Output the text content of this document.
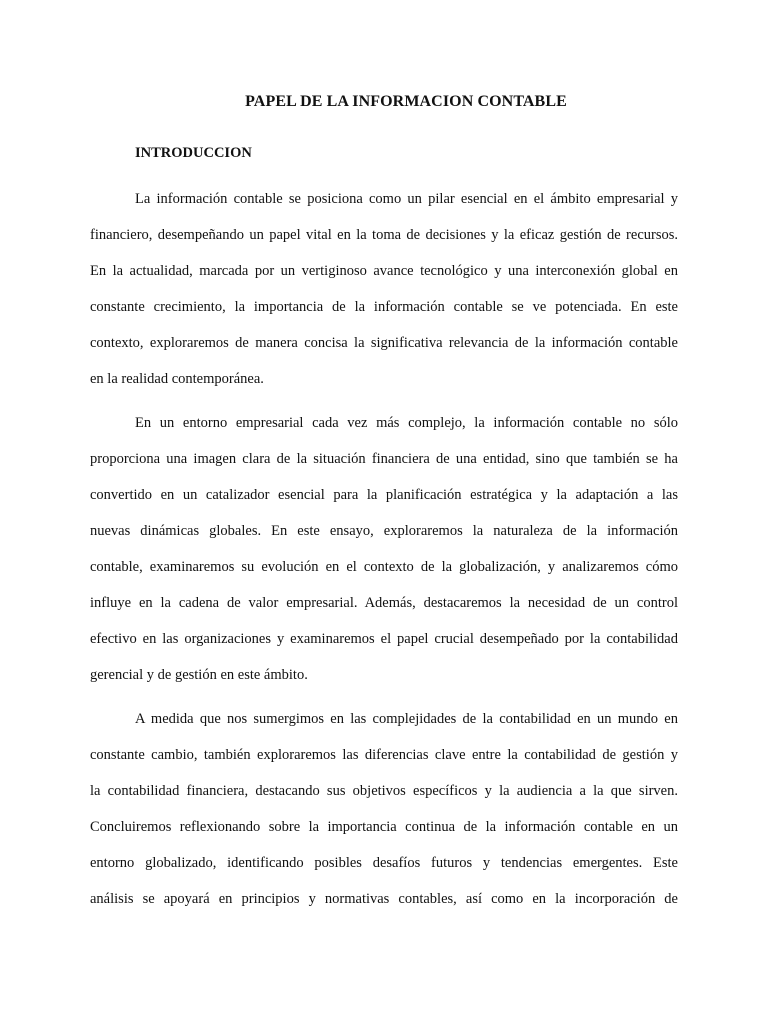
PAPEL DE LA INFORMACION CONTABLE
INTRODUCCION

La información contable se posiciona como un pilar esencial en el ámbito empresarial y
financiero, desempeñando un papel vital en la toma de decisiones y la eficaz gestión de recursos.
En la actualidad, marcada por un vertiginoso avance tecnológico y una interconexión global en
constante crecimiento, la importancia de la información contable se ve potenciada. En este
contexto, exploraremos de manera concisa la significativa relevancia de la información contable
en la realidad contemporánea.

En un entorno empresarial cada vez más complejo, la información contable no sólo
proporciona una imagen clara de la situación financiera de una entidad, sino que también se ha
convertido en un catalizador esencial para la planificación estratégica y la adaptación a las
nuevas dinámicas globales. En este ensayo, exploraremos la naturaleza de la información
contable, examinaremos su evolución en el contexto de la globalización, y analizaremos cómo
influye en la cadena de valor empresarial. Además, destacaremos la necesidad de un control
efectivo en las organizaciones y examinaremos el papel crucial desempeñado por la contabilidad
gerencial y de gestión en este ámbito.

A medida que nos sumergimos en las complejidades de la contabilidad en un mundo en
constante cambio, también exploraremos las diferencias clave entre la contabilidad de gestión y
la contabilidad financiera, destacando sus objetivos específicos y la audiencia a la que sirven.
Concluiremos reflexionando sobre la importancia continua de la información contable en un
entorno globalizado, identificando posibles desafíos futuros y tendencias emergentes. Este
análisis se apoyará en principios y normativas contables, así como en la incorporación de
